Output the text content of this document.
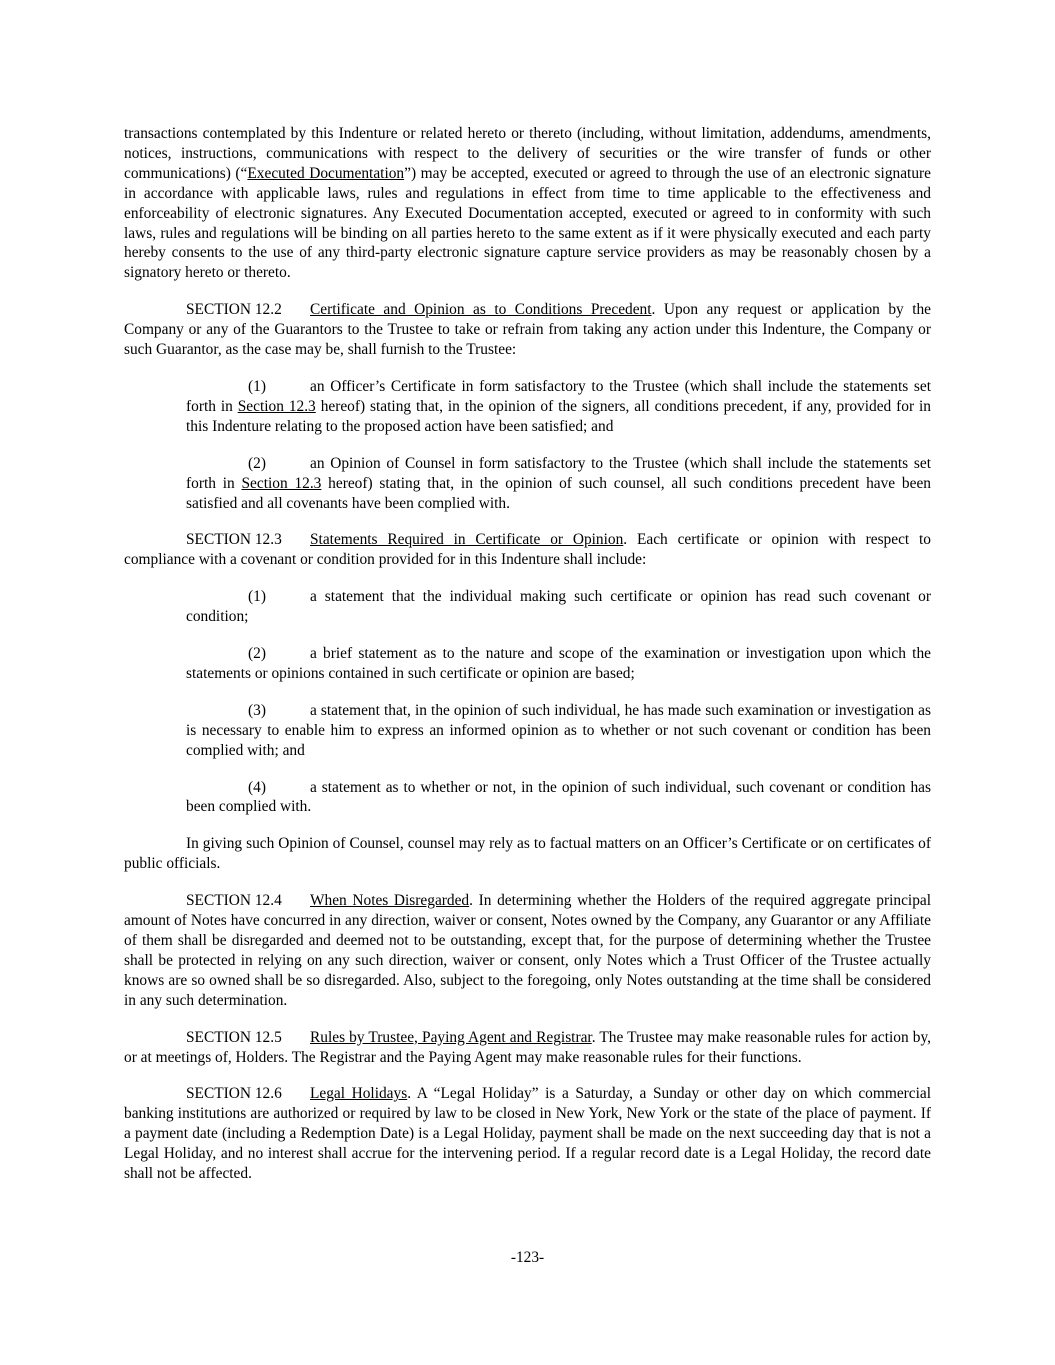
transactions contemplated by this Indenture or related hereto or thereto (including, without limitation, addendums, amendments, notices, instructions, communications with respect to the delivery of securities or the wire transfer of funds or other communications) (“Executed Documentation”) may be accepted, executed or agreed to through the use of an electronic signature in accordance with applicable laws, rules and regulations in effect from time to time applicable to the effectiveness and enforceability of electronic signatures. Any Executed Documentation accepted, executed or agreed to in conformity with such laws, rules and regulations will be binding on all parties hereto to the same extent as if it were physically executed and each party hereby consents to the use of any third-party electronic signature capture service providers as may be reasonably chosen by a signatory hereto or thereto.

SECTION 12.2 Certificate and Opinion as to Conditions Precedent. Upon any request or application by the Company or any of the Guarantors to the Trustee to take or refrain from taking any action under this Indenture, the Company or such Guarantor, as the case may be, shall furnish to the Trustee:

(1)	an Officer’s Certificate in form satisfactory to the Trustee (which shall include the statements set forth in Section 12.3 hereof) stating that, in the opinion of the signers, all conditions precedent, if any, provided for in this Indenture relating to the proposed action have been satisfied; and

(2)	an Opinion of Counsel in form satisfactory to the Trustee (which shall include the statements set forth in Section 12.3 hereof) stating that, in the opinion of such counsel, all such conditions precedent have been satisfied and all covenants have been complied with.

SECTION 12.3 Statements Required in Certificate or Opinion. Each certificate or opinion with respect to compliance with a covenant or condition provided for in this Indenture shall include:

(1)	a statement that the individual making such certificate or opinion has read such covenant or condition;

(2)	a brief statement as to the nature and scope of the examination or investigation upon which the statements or opinions contained in such certificate or opinion are based;

(3)	a statement that, in the opinion of such individual, he has made such examination or investigation as is necessary to enable him to express an informed opinion as to whether or not such covenant or condition has been complied with; and

(4)	a statement as to whether or not, in the opinion of such individual, such covenant or condition has been complied with.

In giving such Opinion of Counsel, counsel may rely as to factual matters on an Officer’s Certificate or on certificates of public officials.

SECTION 12.4 When Notes Disregarded. In determining whether the Holders of the required aggregate principal amount of Notes have concurred in any direction, waiver or consent, Notes owned by the Company, any Guarantor or any Affiliate of them shall be disregarded and deemed not to be outstanding, except that, for the purpose of determining whether the Trustee shall be protected in relying on any such direction, waiver or consent, only Notes which a Trust Officer of the Trustee actually knows are so owned shall be so disregarded. Also, subject to the foregoing, only Notes outstanding at the time shall be considered in any such determination.

SECTION 12.5 Rules by Trustee, Paying Agent and Registrar. The Trustee may make reasonable rules for action by, or at meetings of, Holders. The Registrar and the Paying Agent may make reasonable rules for their functions.

SECTION 12.6 Legal Holidays. A “Legal Holiday” is a Saturday, a Sunday or other day on which commercial banking institutions are authorized or required by law to be closed in New York, New York or the state of the place of payment. If a payment date (including a Redemption Date) is a Legal Holiday, payment shall be made on the next succeeding day that is not a Legal Holiday, and no interest shall accrue for the intervening period. If a regular record date is a Legal Holiday, the record date shall not be affected.

-123-
